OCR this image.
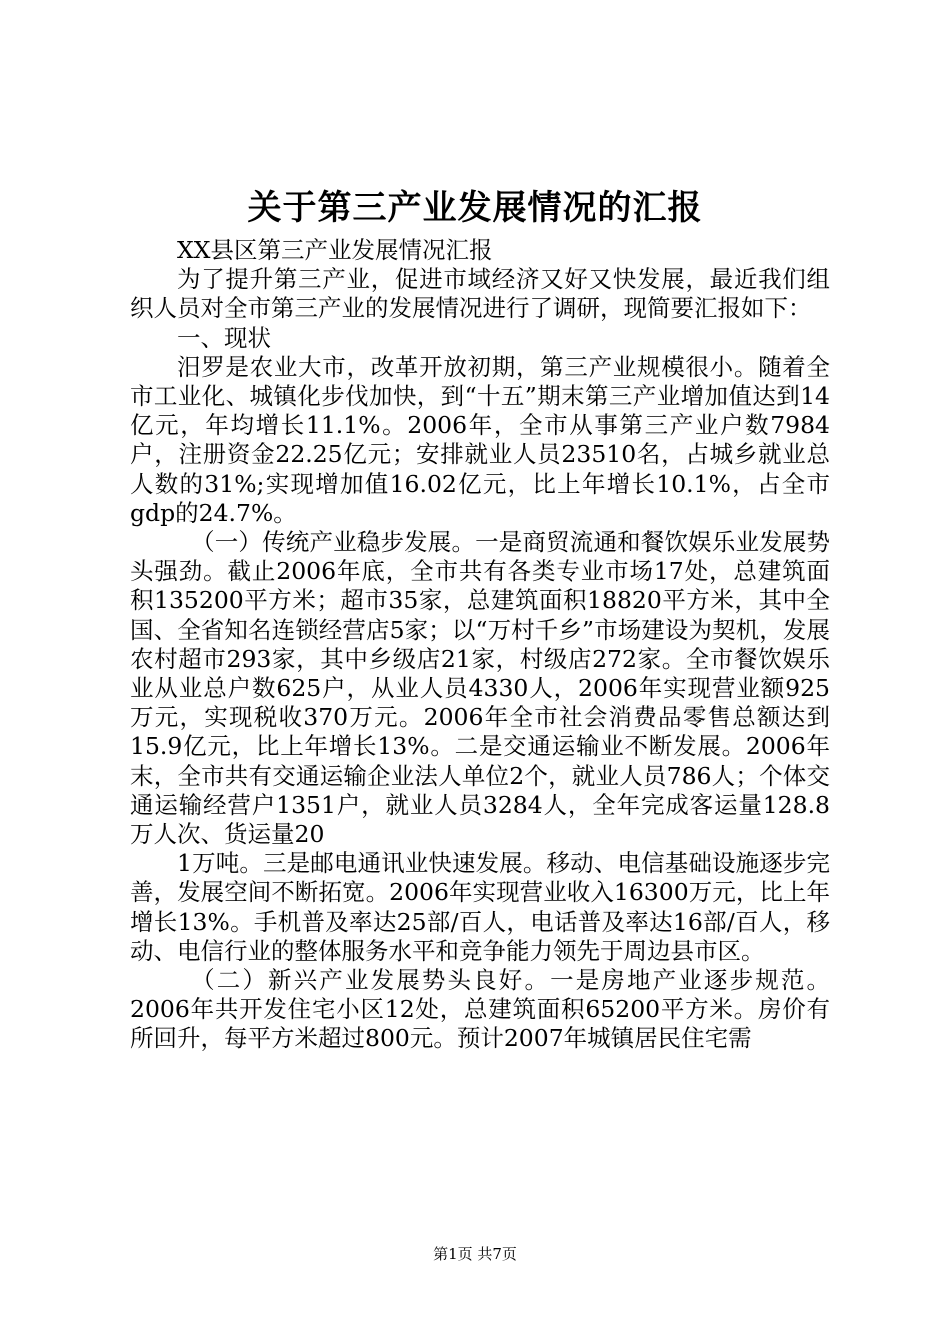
关于第三产业发展情况的汇报

XX县区第三产业发展情况汇报

为了提升第三产业，促进市域经济又好又快发展，最近我们组织人员对全市第三产业的发展情况进行了调研，现简要汇报如下：

一、现状

汨罗是农业大市，改革开放初期，第三产业规模很小。随着全市工业化、城镇化步伐加快，到“十五”期末第三产业增加值达到14亿元，年均增长11.1%。2006年，全市从事第三产业户数7984户，注册资金22.25亿元；安排就业人员23510名，占城乡就业总人数的31%;实现增加值16.02亿元，比上年增长10.1%，占全市gdp的24.7%。

（一）传统产业稳步发展。一是商贸流通和餐饮娱乐业发展势头强劲。截止2006年底，全市共有各类专业市场17处，总建筑面积135200平方米；超市35家，总建筑面积18820平方米，其中全国、全省知名连锁经营店5家；以“万村千乡”市场建设为契机，发展农村超市293家，其中乡级店21家，村级店272家。全市餐饮娱乐业从业总户数625户，从业人员4330人，2006年实现营业额925万元，实现税收370万元。2006年全市社会消费品零售总额达到15.9亿元，比上年增长13%。二是交通运输业不断发展。2006年末，全市共有交通运输企业法人单位2个，就业人员786人；个体交通运输经营户1351户，就业人员3284人，全年完成客运量128.8万人次、货运量20

1万吨。三是邮电通讯业快速发展。移动、电信基础设施逐步完善，发展空间不断拓宽。2006年实现营业收入16300万元，比上年增长13%。手机普及率达25部/百人，电话普及率达16部/百人，移动、电信行业的整体服务水平和竞争能力领先于周边县市区。

（二）新兴产业发展势头良好。一是房地产业逐步规范。2006年共开发住宅小区12处，总建筑面积65200平方米。房价有所回升，每平方米超过800元。预计2007年城镇居民住宅需

第1页 共7页
